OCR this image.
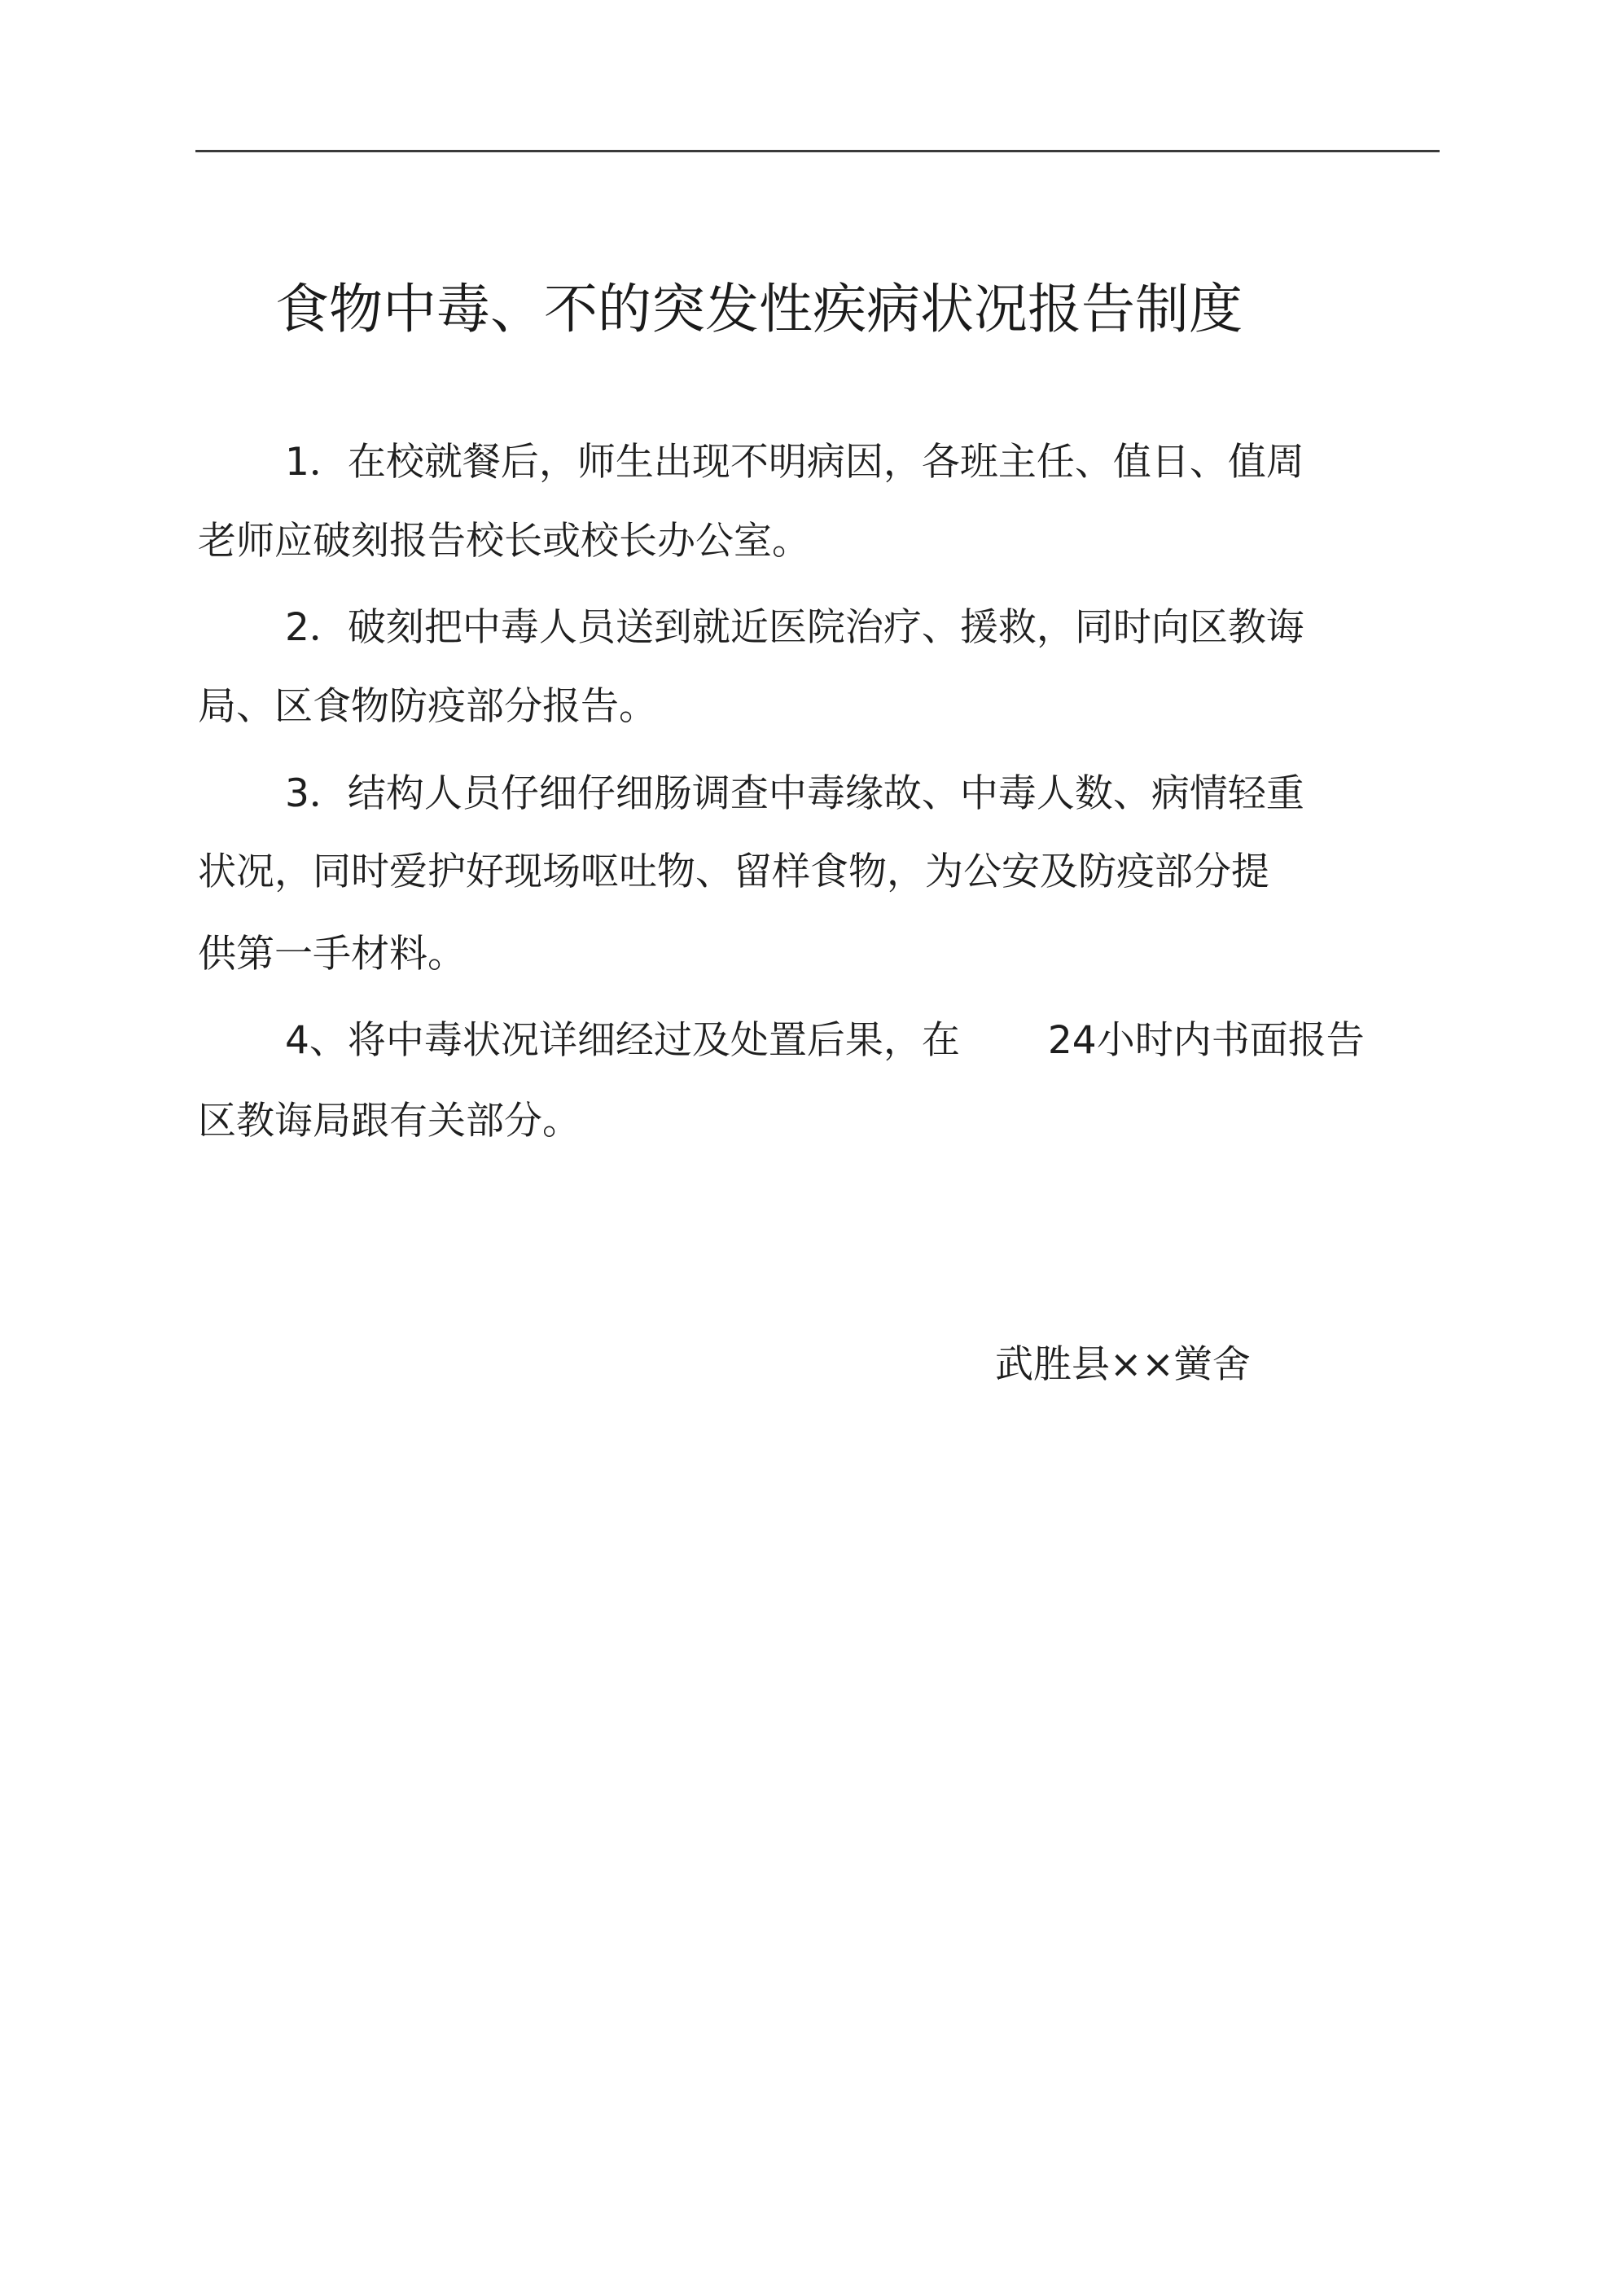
食物中毒、不的突发性疾病状况报告制度
1．在校就餐后，师生出现不明病因，各班主任、值日、值周
老师应破刻报告校长或校长办公室。
2．破刻把中毒人员送到就近医院治疗、援救，同时向区教诲
局、区食物防疫部分报告。
3．结构人员仔细仔细肠调查中毒缘故、中毒人数、病情轻重
状况，同时爱护好现场呕吐物、留样食物，为公安及防疫部分提
供第一手材料。
4、将中毒状况详细经过及处置后果，在 24小时内书面报告
区教诲局跟有关部分。
武胜县××黉舍
